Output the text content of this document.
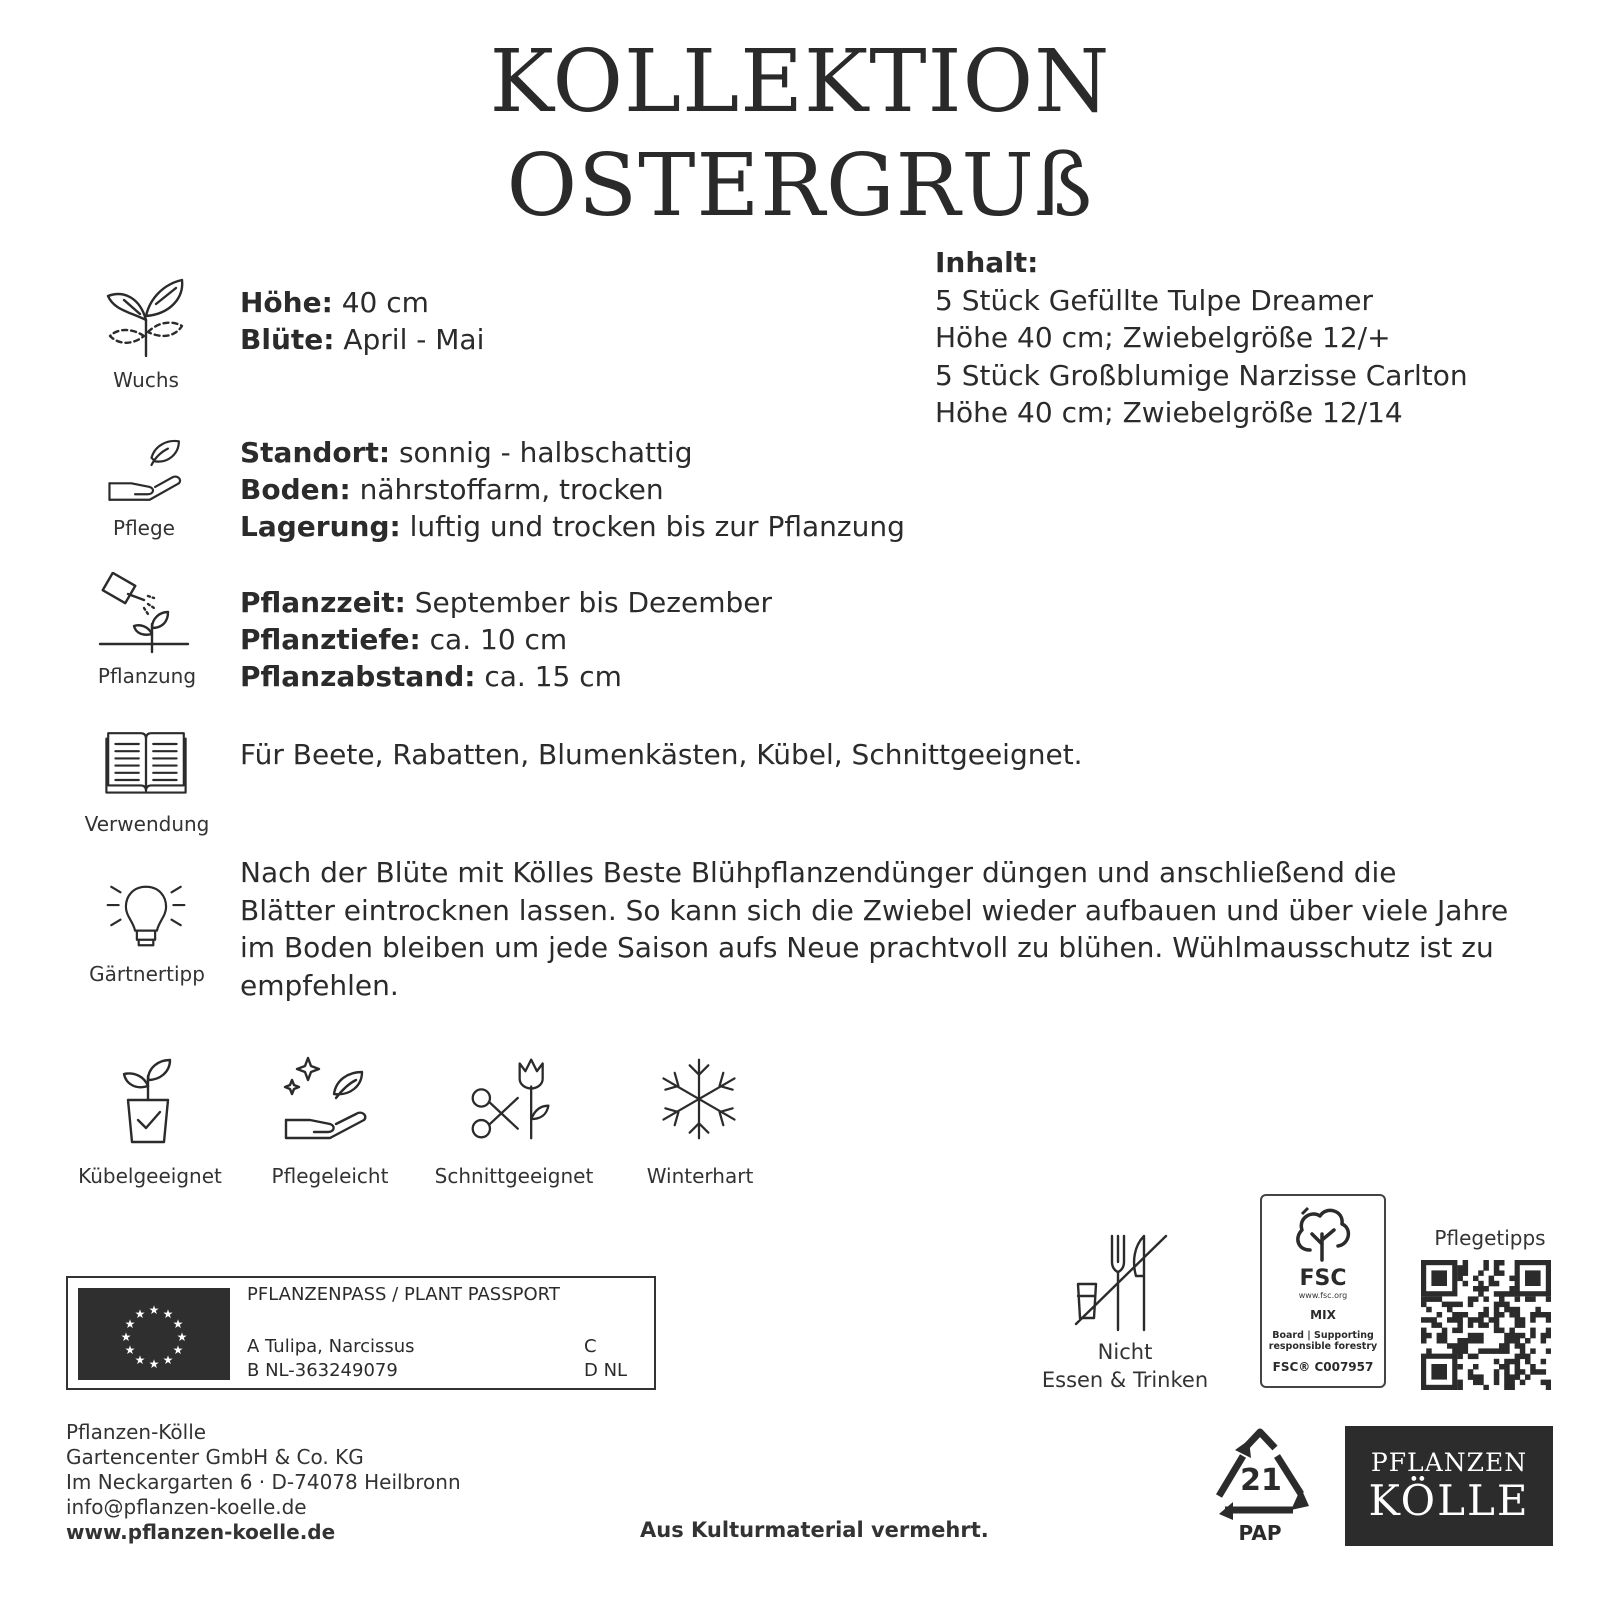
KOLLEKTION
OSTERGRUß
Wuchs
Höhe: 40 cm
Blüte: April - Mai
Pflege
Standort: sonnig - halbschattig
Boden: nährstoffarm, trocken
Lagerung: luftig und trocken bis zur Pflanzung
Pflanzung
Pflanzzeit: September bis Dezember
Pflanztiefe: ca. 10 cm
Pflanzabstand: ca. 15 cm
Verwendung
Für Beete, Rabatten, Blumenkästen, Kübel, Schnittgeeignet.
Gärtnertipp
Nach der Blüte mit Kölles Beste Blühpflanzendünger düngen und anschließend die
Blätter eintrocknen lassen. So kann sich die Zwiebel wieder aufbauen und über viele Jahre
im Boden bleiben um jede Saison aufs Neue prachtvoll zu blühen. Wühlmausschutz ist zu
empfehlen.
Inhalt:
5 Stück Gefüllte Tulpe Dreamer
Höhe 40 cm; Zwiebelgröße 12/+
5 Stück Großblumige Narzisse Carlton
Höhe 40 cm; Zwiebelgröße 12/14
Kübelgeeignet	Pflegeleicht	Schnittgeeignet	Winterhart
★ ★
★
★
★
★
★
★
★
★
★
★
PFLANZENPASS / PLANT PASSPORT
A Tulipa, Narcissus
B NL-363249079
C
D NL
Pflanzen-Kölle
Gartencenter GmbH & Co. KG
Im Neckargarten 6 · D-74078 Heilbronn
info@pflanzen-koelle.de
www.pflanzen-koelle.de	Aus Kulturmaterial vermehrt.
Nicht
Essen & Trinken
FSC
www.fsc.org
MIX
Board | Supporting
responsible forestry
FSC® C007957
Pflegetipps
21
PAP
PFLANZEN
KÖLLE
